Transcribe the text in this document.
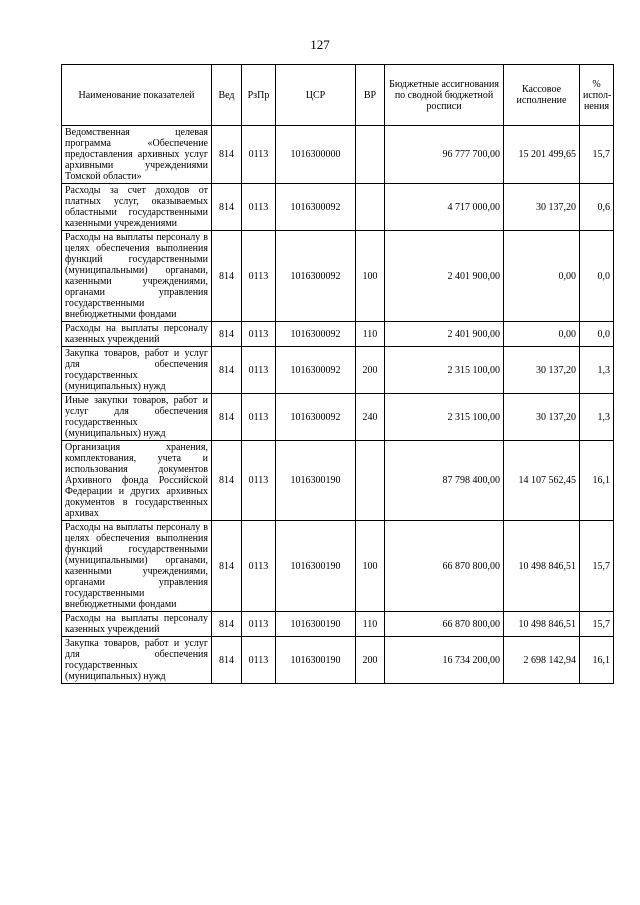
127
Наименование показателей	Вед	РзПр	ЦСР	ВР	Бюджетные ассигнования по сводной бюджетной росписи	Кассовое исполнение	% испол-нения
Ведомственная целевая программа «Обеспечение предоставления архивных услуг архивными учреждениями Томской области»	814	0113	1016300000		96 777 700,00	15 201 499,65	15,7
Расходы за счет доходов от платных услуг, оказываемых областными государственными казенными учреждениями	814	0113	1016300092		4 717 000,00	30 137,20	0,6
Расходы на выплаты персоналу в целях обеспечения выполнения функций государственными (муниципальными) органами, казенными учреждениями, органами управления государственными внебюджетными фондами	814	0113	1016300092	100	2 401 900,00	0,00	0,0
Расходы на выплаты персоналу казенных учреждений	814	0113	1016300092	110	2 401 900,00	0,00	0,0
Закупка товаров, работ и услуг для обеспечения государственных (муниципальных) нужд	814	0113	1016300092	200	2 315 100,00	30 137,20	1,3
Иные закупки товаров, работ и услуг для обеспечения государственных (муниципальных) нужд	814	0113	1016300092	240	2 315 100,00	30 137,20	1,3
Организация хранения, комплектования, учета и использования документов Архивного фонда Российской Федерации и других архивных документов в государственных архивах	814	0113	1016300190		87 798 400,00	14 107 562,45	16,1
Расходы на выплаты персоналу в целях обеспечения выполнения функций государственными (муниципальными) органами, казенными учреждениями, органами управления государственными внебюджетными фондами	814	0113	1016300190	100	66 870 800,00	10 498 846,51	15,7
Расходы на выплаты персоналу казенных учреждений	814	0113	1016300190	110	66 870 800,00	10 498 846,51	15,7
Закупка товаров, работ и услуг для обеспечения государственных (муниципальных) нужд	814	0113	1016300190	200	16 734 200,00	2 698 142,94	16,1
